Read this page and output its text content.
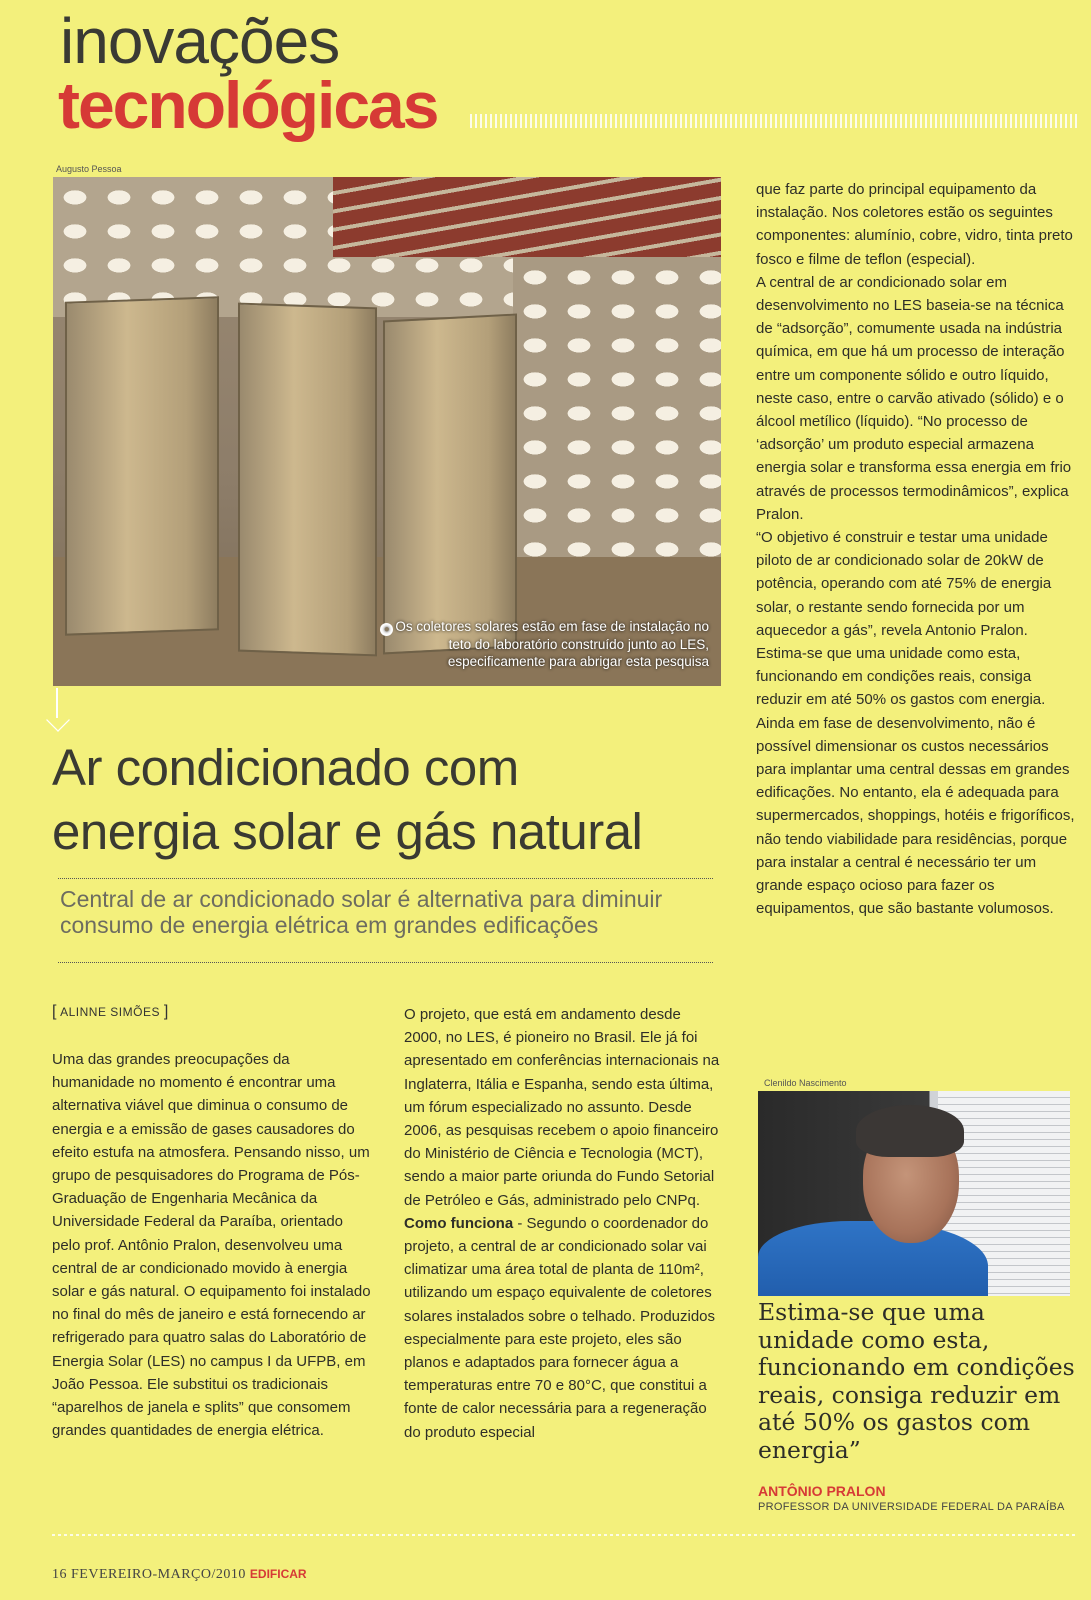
inovações
tecnológicas
Augusto Pessoa
● Os coletores solares estão em fase de instalação no teto do laboratório construído junto ao LES, especificamente para abrigar esta pesquisa
Ar condicionado com
energia solar e gás natural
Central de ar condicionado solar é alternativa para diminuir
consumo de energia elétrica em grandes edificações
[ ALINNE SIMÕES ]

Uma das grandes preocupações da humanidade no momento é encontrar uma alternativa viável que diminua o consumo de energia e a emissão de gases causadores do efeito estufa na atmosfera. Pensando nisso, um grupo de pesquisadores do Programa de Pós-Graduação de Engenharia Mecânica da Universidade Federal da Paraíba, orientado pelo prof. Antônio Pralon, desenvolveu uma central de ar condicionado movido à energia solar e gás natural. O equipamento foi instalado no final do mês de janeiro e está fornecendo ar refrigerado para quatro salas do Laboratório de Energia Solar (LES) no campus I da UFPB, em João Pessoa. Ele substitui os tradicionais “aparelhos de janela e splits” que consomem grandes quantidades de energia elétrica.

O projeto, que está em andamento desde 2000, no LES, é pioneiro no Brasil. Ele já foi apresentado em conferências internacionais na Inglaterra, Itália e Espanha, sendo esta última, um fórum especializado no assunto. Desde 2006, as pesquisas recebem o apoio financeiro do Ministério de Ciência e Tecnologia (MCT), sendo a maior parte oriunda do Fundo Setorial de Petróleo e Gás, administrado pelo CNPq.

Como funciona - Segundo o coordenador do projeto, a central de ar condicionado solar vai climatizar uma área total de planta de 110m², utilizando um espaço equivalente de coletores solares instalados sobre o telhado. Produzidos especialmente para este projeto, eles são planos e adaptados para fornecer água a temperaturas entre 70 e 80°C, que constitui a fonte de calor necessária para a regeneração do produto especial

que faz parte do principal equipamento da instalação. Nos coletores estão os seguintes componentes: alumínio, cobre, vidro, tinta preto fosco e filme de teflon (especial).

A central de ar condicionado solar em desenvolvimento no LES baseia-se na técnica de “adsorção”, comumente usada na indústria química, em que há um processo de interação entre um componente sólido e outro líquido, neste caso, entre o carvão ativado (sólido) e o álcool metílico (líquido). “No processo de ‘adsorção’ um produto especial armazena energia solar e transforma essa energia em frio através de processos termodinâmicos”, explica Pralon.

“O objetivo é construir e testar uma unidade piloto de ar condicionado solar de 20kW de potência, operando com até 75% de energia solar, o restante sendo fornecida por um aquecedor a gás”, revela Antonio Pralon. Estima-se que uma unidade como esta, funcionando em condições reais, consiga reduzir em até 50% os gastos com energia.

Ainda em fase de desenvolvimento, não é possível dimensionar os custos necessários para implantar uma central dessas em grandes edificações. No entanto, ela é adequada para supermercados, shoppings, hotéis e frigoríficos, não tendo viabilidade para residências, porque para instalar a central é necessário ter um grande espaço ocioso para fazer os equipamentos, que são bastante volumosos.

Clenildo Nascimento
Estima-se que uma unidade como esta, funcionando em condições reais, consiga reduzir em até 50% os gastos com energia”
ANTÔNIO PRALON
PROFESSOR DA UNIVERSIDADE FEDERAL DA PARAÍBA
16 FEVEREIRO-MARÇO/2010 EDIFICAR
